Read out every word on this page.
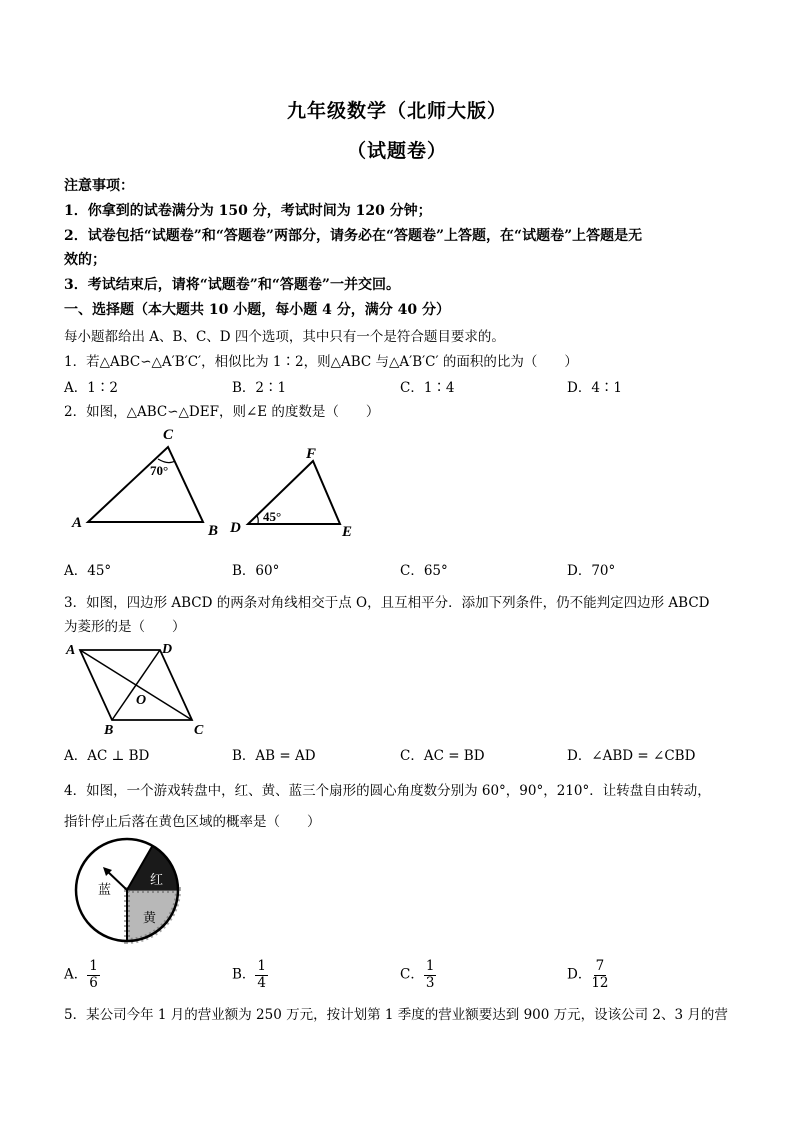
九年级数学（北师大版）
（试题卷）
注意事项：
1．你拿到的试卷满分为 150 分，考试时间为 120 分钟；
2．试卷包括“试题卷”和“答题卷”两部分，请务必在“答题卷”上答题，在“试题卷”上答题是无
效的；
3．考试结束后，请将“试题卷”和“答题卷”一并交回。
一、选择题（本大题共 10 小题，每小题 4 分，满分 40 分）
每小题都给出 A、B、C、D 四个选项，其中只有一个是符合题目要求的。
1．若△ABC∽△A′B′C′，相似比为 1∶2，则△ABC 与△A′B′C′ 的面积的比为（　　）
A．1∶2	B．2∶1	C．1∶4	D．4∶1
2．如图，△ABC∽△DEF，则∠E 的度数是（　　）
C
70°
A	B
F
45°
D	E
A．45°	B．60°	C．65°	D．70°
3．如图，四边形 ABCD 的两条对角线相交于点 O，且互相平分．添加下列条件，仍不能判定四边形 ABCD
为菱形的是（　　）
A	D
O
B	C
A．AC ⊥ BD	B．AB = AD	C．AC = BD	D．∠ABD = ∠CBD
4．如图，一个游戏转盘中，红、黄、蓝三个扇形的圆心角度数分别为 60°，90°，210°．让转盘自由转动，
指针停止后落在黄色区域的概率是（　　）
蓝
红
黄
A． $\frac{1}{6}$	B． $\frac{1}{4}$	C． $\frac{1}{3}$	D． $\frac{7}{12}$
5．某公司今年 1 月的营业额为 250 万元，按计划第 1 季度的营业额要达到 900 万元，设该公司 2、3 月的营
